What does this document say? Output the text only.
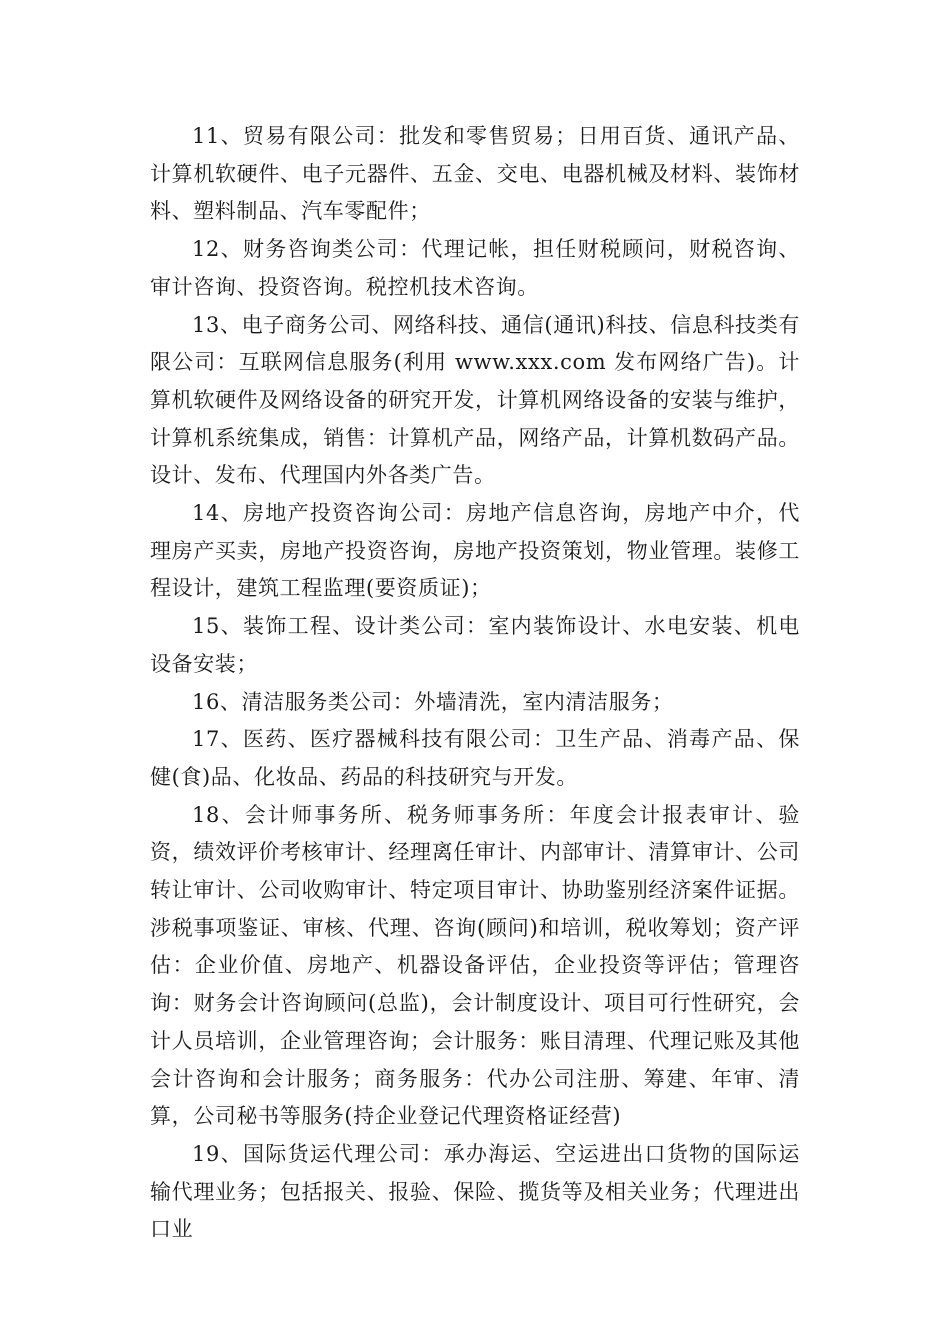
11、贸易有限公司：批发和零售贸易；日用百货、通讯产品、计算机软硬件、电子元器件、五金、交电、电器机械及材料、装饰材料、塑料制品、汽车零配件；

12、财务咨询类公司：代理记帐，担任财税顾问，财税咨询、审计咨询、投资咨询。税控机技术咨询。

13、电子商务公司、网络科技、通信(通讯)科技、信息科技类有限公司：互联网信息服务(利用 www.xxx.com 发布网络广告)。计算机软硬件及网络设备的研究开发，计算机网络设备的安装与维护，计算机系统集成，销售：计算机产品，网络产品，计算机数码产品。设计、发布、代理国内外各类广告。

14、房地产投资咨询公司：房地产信息咨询，房地产中介，代理房产买卖，房地产投资咨询，房地产投资策划，物业管理。装修工程设计，建筑工程监理(要资质证)；

15、装饰工程、设计类公司：室内装饰设计、水电安装、机电设备安装；

16、清洁服务类公司：外墙清洗，室内清洁服务；

17、医药、医疗器械科技有限公司：卫生产品、消毒产品、保健(食)品、化妆品、药品的科技研究与开发。

18、会计师事务所、税务师事务所：年度会计报表审计、验资，绩效评价考核审计、经理离任审计、内部审计、清算审计、公司转让审计、公司收购审计、特定项目审计、协助鉴别经济案件证据。涉税事项鉴证、审核、代理、咨询(顾问)和培训，税收筹划；资产评估：企业价值、房地产、机器设备评估，企业投资等评估；管理咨询：财务会计咨询顾问(总监)，会计制度设计、项目可行性研究，会计人员培训，企业管理咨询；会计服务：账目清理、代理记账及其他会计咨询和会计服务；商务服务：代办公司注册、筹建、年审、清算，公司秘书等服务(持企业登记代理资格证经营)

19、国际货运代理公司：承办海运、空运进出口货物的国际运输代理业务；包括报关、报验、保险、揽货等及相关业务；代理进出口业
